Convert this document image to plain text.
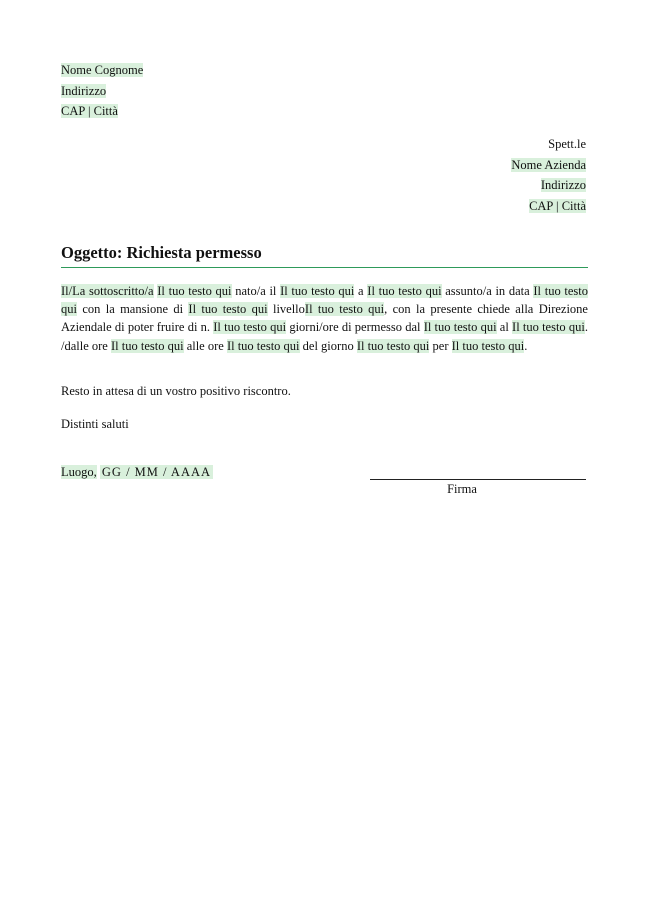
Nome Cognome
Indirizzo
CAP | Città
Spett.le
Nome Azienda
Indirizzo
CAP | Città
Oggetto: Richiesta permesso
Il/La sottoscritto/a Il tuo testo qui nato/a il Il tuo testo qui a Il tuo testo qui assunto/a in data Il tuo testo qui con la mansione di Il tuo testo qui livelloIl tuo testo qui, con la presente chiede alla Direzione Aziendale di poter fruire di n. Il tuo testo qui giorni/ore di permesso dal Il tuo testo qui al Il tuo testo qui. /dalle ore Il tuo testo qui alle ore Il tuo testo qui del giorno Il tuo testo qui per Il tuo testo qui.
Resto in attesa di un vostro positivo riscontro.
Distinti saluti
Luogo, GG / MM / AAAA
Firma
